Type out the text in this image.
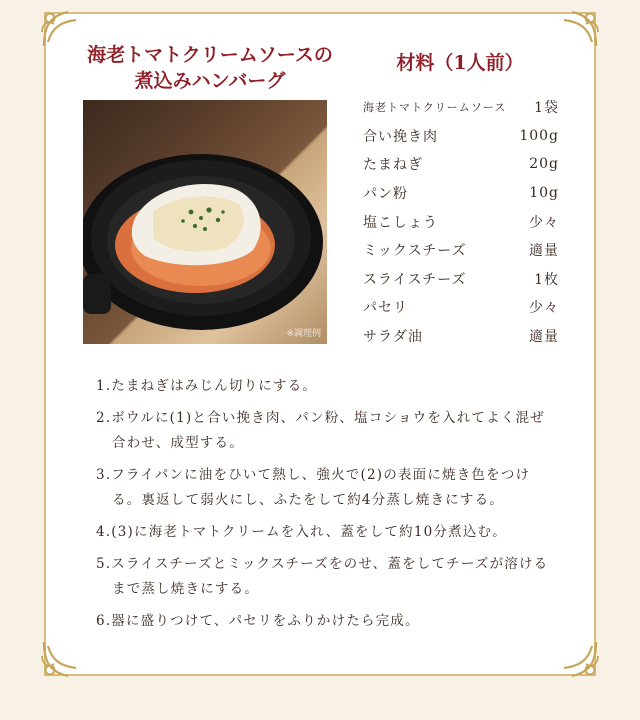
海老トマトクリームソースの
煮込みハンバーグ
材料（1人前）
※調理例
海老トマトクリームソース 1袋
合い挽き肉	100g
たまねぎ	20g
パン粉	10g
塩こしょう	少々
ミックスチーズ	適量
スライスチーズ	1枚
パセリ	少々
サラダ油	適量
1.たまねぎはみじん切りにする。
2.ボウルに(1)と合い挽き肉、パン粉、塩コショウを入れてよく混ぜ合わせ、成型する。
3.フライパンに油をひいて熱し、強火で(2)の表面に焼き色をつける。裏返して弱火にし、ふたをして約4分蒸し焼きにする。
4.(3)に海老トマトクリームを入れ、蓋をして約10分煮込む。
5.スライスチーズとミックスチーズをのせ、蓋をしてチーズが溶けるまで蒸し焼きにする。
6.器に盛りつけて、パセリをふりかけたら完成。
